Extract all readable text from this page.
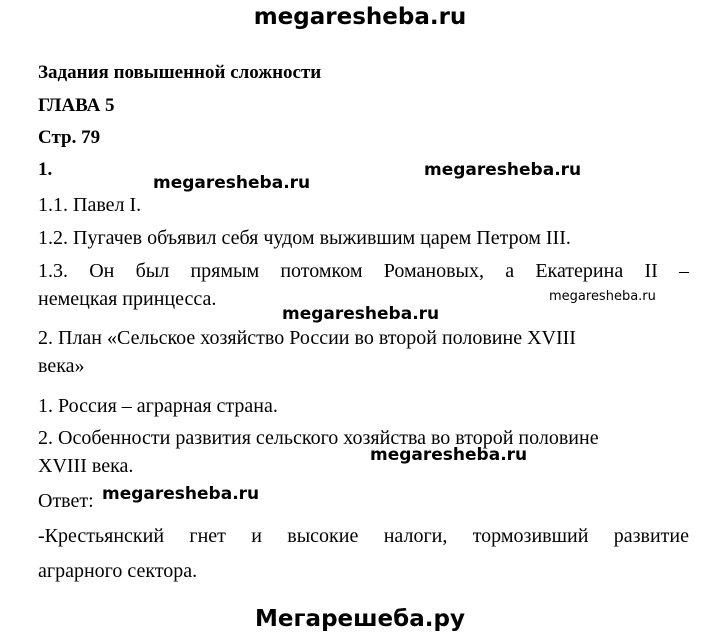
megaresheba.ru
Задания повышенной сложности
ГЛАВА 5
Стр. 79
1.	megaresheba.ru
megaresheba.ru
1.1. Павел I.
1.2. Пугачев объявил себя чудом выжившим царем Петром III.
1.3. Он был прямым потомком Романовых, а Екатерина II –
немецкая принцесса.	megaresheba.ru
megaresheba.ru
2. План «Сельское хозяйство России во второй половине XVIII
века»
1. Россия – аграрная страна.
2. Особенности развития сельского хозяйства во второй половине
XVIII века.	megaresheba.ru
Ответ: megaresheba.ru
-Крестьянский гнет и высокие налоги, тормозивший развитие
аграрного сектора.
Мегарешеба.ру
